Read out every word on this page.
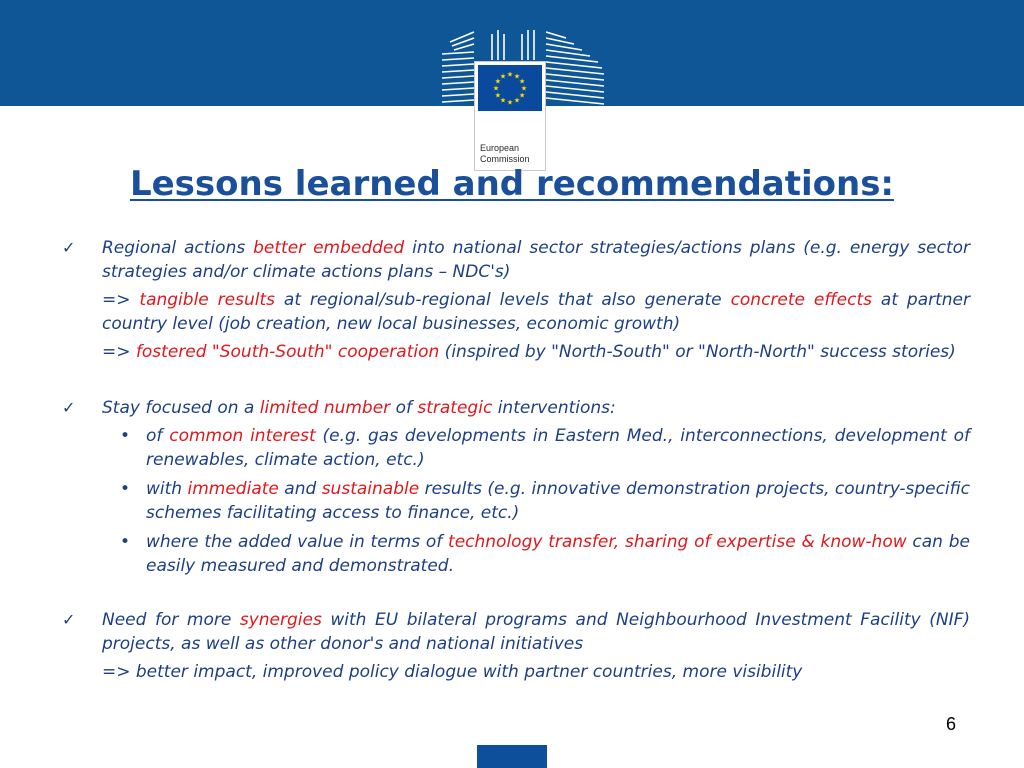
★ ★
★
★
★
★
★
★
★
★
★
★
European
Commission
Lessons learned and recommendations:
✓ Regional actions better embedded into national sector strategies/actions plans (e.g. energy sector strategies and/or climate actions plans – NDC's)

=> tangible results at regional/sub-regional levels that also generate concrete effects at partner country level (job creation, new local businesses, economic growth)

=> fostered "South-South" cooperation (inspired by "North-South" or "North-North" success stories)

✓ Stay focused on a limited number of strategic interventions:

• of common interest (e.g. gas developments in Eastern Med., interconnections, development of renewables, climate action, etc.)
• with immediate and sustainable results (e.g. innovative demonstration projects, country-specific schemes facilitating access to finance, etc.)
• where the added value in terms of technology transfer, sharing of expertise & know-how can be easily measured and demonstrated.
✓ Need for more synergies with EU bilateral programs and Neighbourhood Investment Facility (NIF) projects, as well as other donor's and national initiatives

=> better impact, improved policy dialogue with partner countries, more visibility

6
